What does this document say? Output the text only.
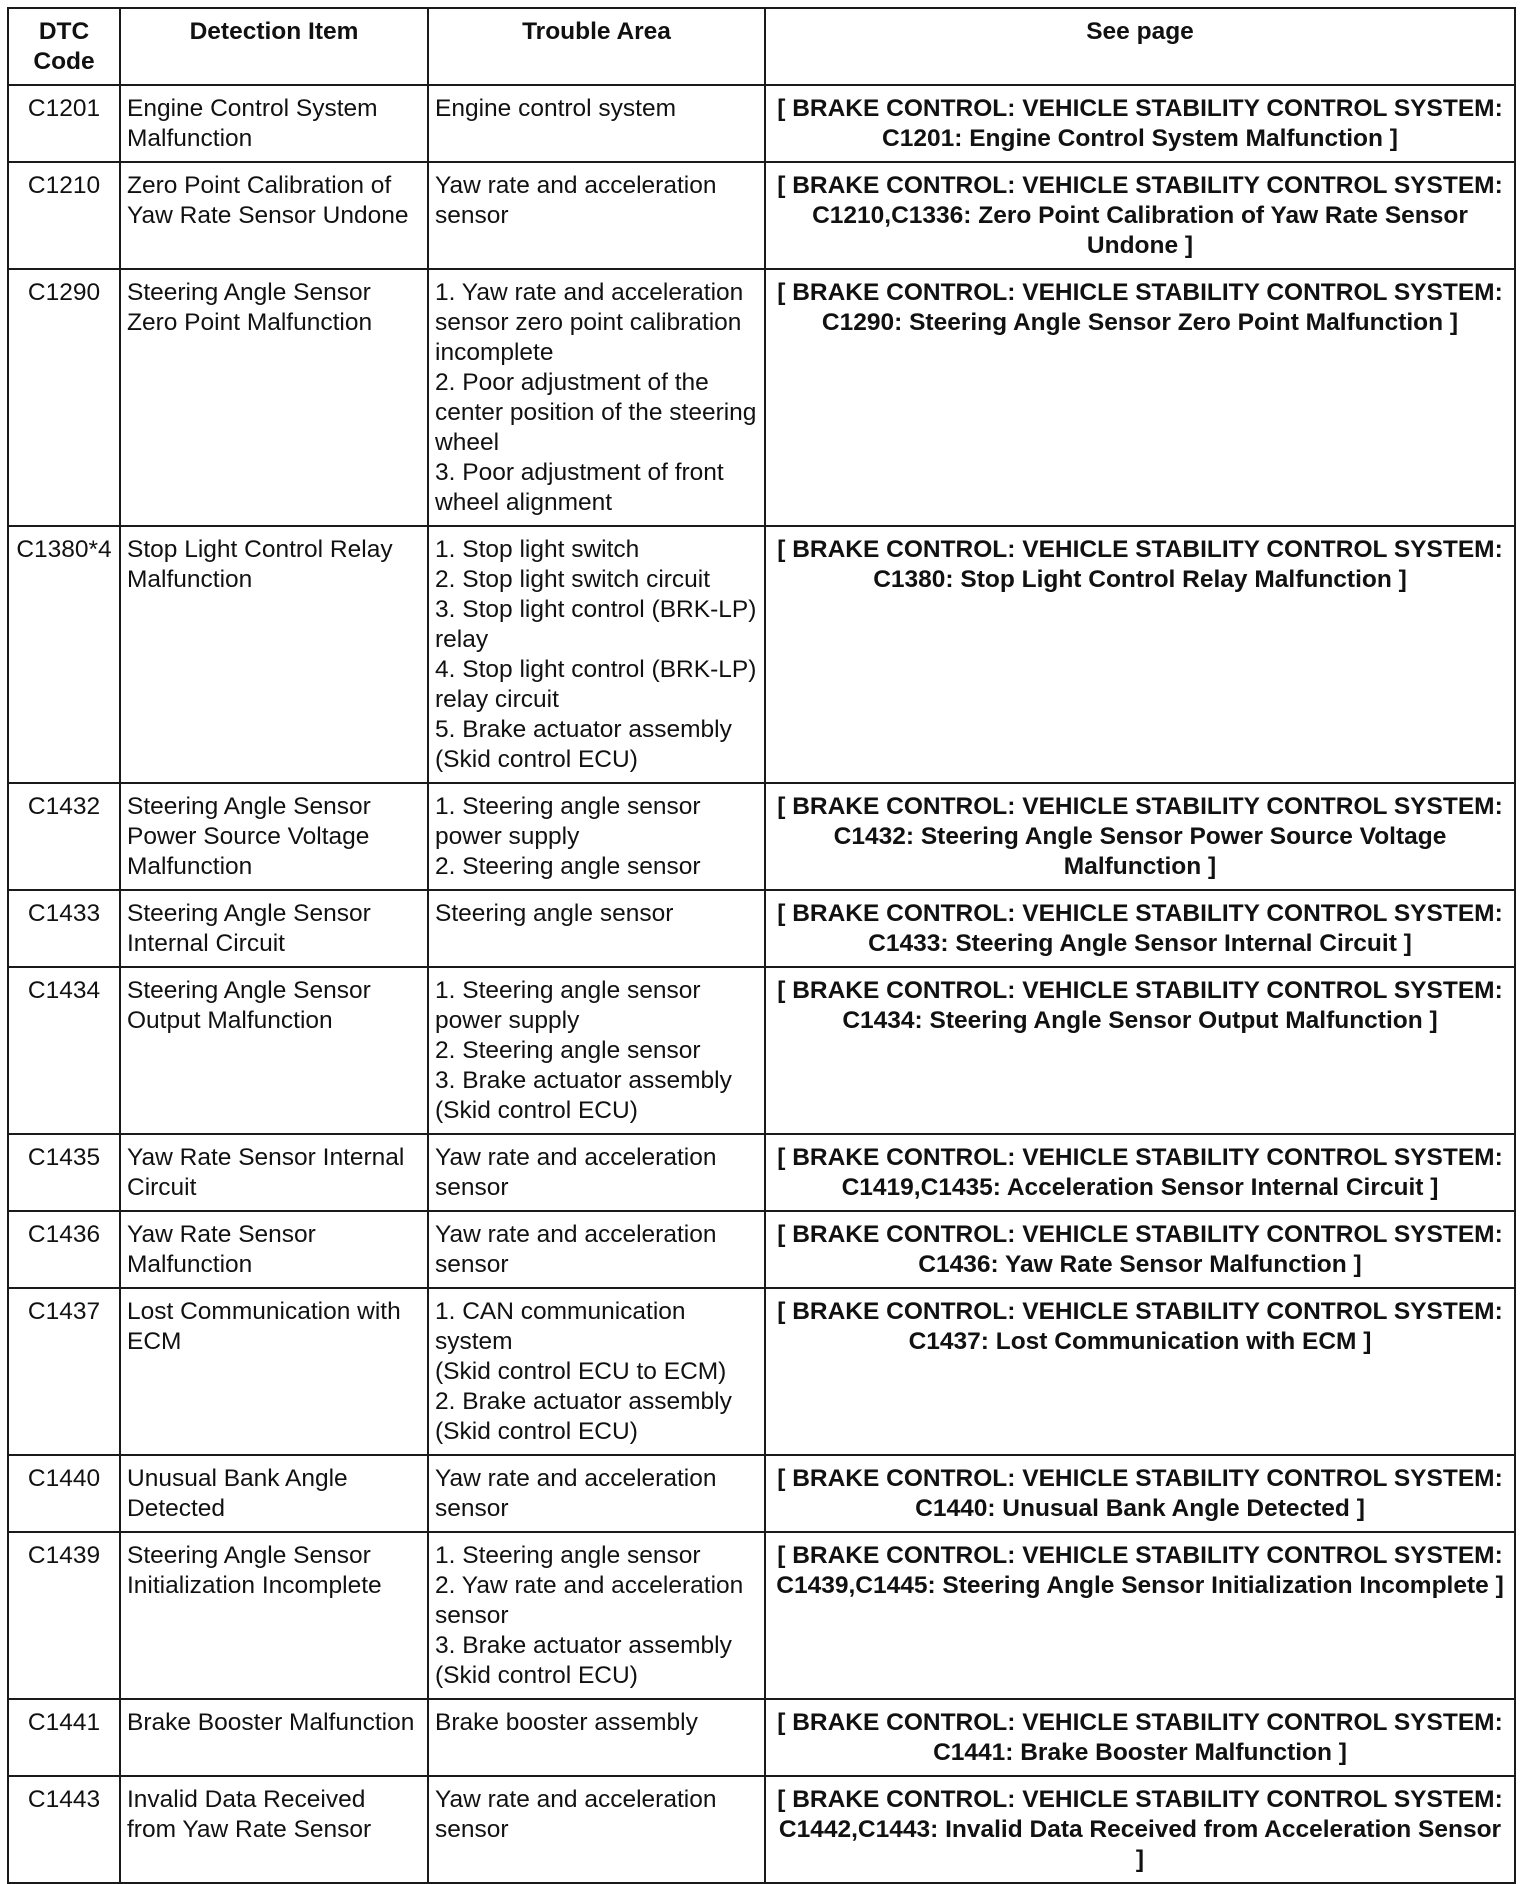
DTC
Code	Detection Item	Trouble Area	See page
C1201	Engine Control System Malfunction	Engine control system	[ BRAKE CONTROL: VEHICLE STABILITY CONTROL SYSTEM: C1201: Engine Control System Malfunction ]
C1210	Zero Point Calibration of Yaw Rate Sensor Undone	Yaw rate and acceleration sensor	[ BRAKE CONTROL: VEHICLE STABILITY CONTROL SYSTEM: C1210,C1336: Zero Point Calibration of Yaw Rate Sensor Undone ]
C1290	Steering Angle Sensor Zero Point Malfunction	1. Yaw rate and acceleration sensor zero point calibration incomplete
2. Poor adjustment of the center position of the steering wheel
3. Poor adjustment of front wheel alignment	[ BRAKE CONTROL: VEHICLE STABILITY CONTROL SYSTEM: C1290: Steering Angle Sensor Zero Point Malfunction ]
C1380*4	Stop Light Control Relay Malfunction	1. Stop light switch
2. Stop light switch circuit
3. Stop light control (BRK-LP) relay
4. Stop light control (BRK-LP) relay circuit
5. Brake actuator assembly (Skid control ECU)	[ BRAKE CONTROL: VEHICLE STABILITY CONTROL SYSTEM: C1380: Stop Light Control Relay Malfunction ]
C1432	Steering Angle Sensor Power Source Voltage Malfunction	1. Steering angle sensor power supply
2. Steering angle sensor	[ BRAKE CONTROL: VEHICLE STABILITY CONTROL SYSTEM: C1432: Steering Angle Sensor Power Source Voltage Malfunction ]
C1433	Steering Angle Sensor Internal Circuit	Steering angle sensor	[ BRAKE CONTROL: VEHICLE STABILITY CONTROL SYSTEM: C1433: Steering Angle Sensor Internal Circuit ]
C1434	Steering Angle Sensor Output Malfunction	1. Steering angle sensor power supply
2. Steering angle sensor
3. Brake actuator assembly (Skid control ECU)	[ BRAKE CONTROL: VEHICLE STABILITY CONTROL SYSTEM: C1434: Steering Angle Sensor Output Malfunction ]
C1435	Yaw Rate Sensor Internal Circuit	Yaw rate and acceleration sensor	[ BRAKE CONTROL: VEHICLE STABILITY CONTROL SYSTEM: C1419,C1435: Acceleration Sensor Internal Circuit ]
C1436	Yaw Rate Sensor Malfunction	Yaw rate and acceleration sensor	[ BRAKE CONTROL: VEHICLE STABILITY CONTROL SYSTEM: C1436: Yaw Rate Sensor Malfunction ]
C1437	Lost Communication with ECM	1. CAN communication system
(Skid control ECU to ECM)
2. Brake actuator assembly (Skid control ECU)	[ BRAKE CONTROL: VEHICLE STABILITY CONTROL SYSTEM: C1437: Lost Communication with ECM ]
C1440	Unusual Bank Angle Detected	Yaw rate and acceleration sensor	[ BRAKE CONTROL: VEHICLE STABILITY CONTROL SYSTEM: C1440: Unusual Bank Angle Detected ]
C1439	Steering Angle Sensor Initialization Incomplete	1. Steering angle sensor
2. Yaw rate and acceleration sensor
3. Brake actuator assembly (Skid control ECU)	[ BRAKE CONTROL: VEHICLE STABILITY CONTROL SYSTEM: C1439,C1445: Steering Angle Sensor Initialization Incomplete ]
C1441	Brake Booster Malfunction	Brake booster assembly	[ BRAKE CONTROL: VEHICLE STABILITY CONTROL SYSTEM: C1441: Brake Booster Malfunction ]
C1443	Invalid Data Received from Yaw Rate Sensor	Yaw rate and acceleration sensor	[ BRAKE CONTROL: VEHICLE STABILITY CONTROL SYSTEM: C1442,C1443: Invalid Data Received from Acceleration Sensor ]
